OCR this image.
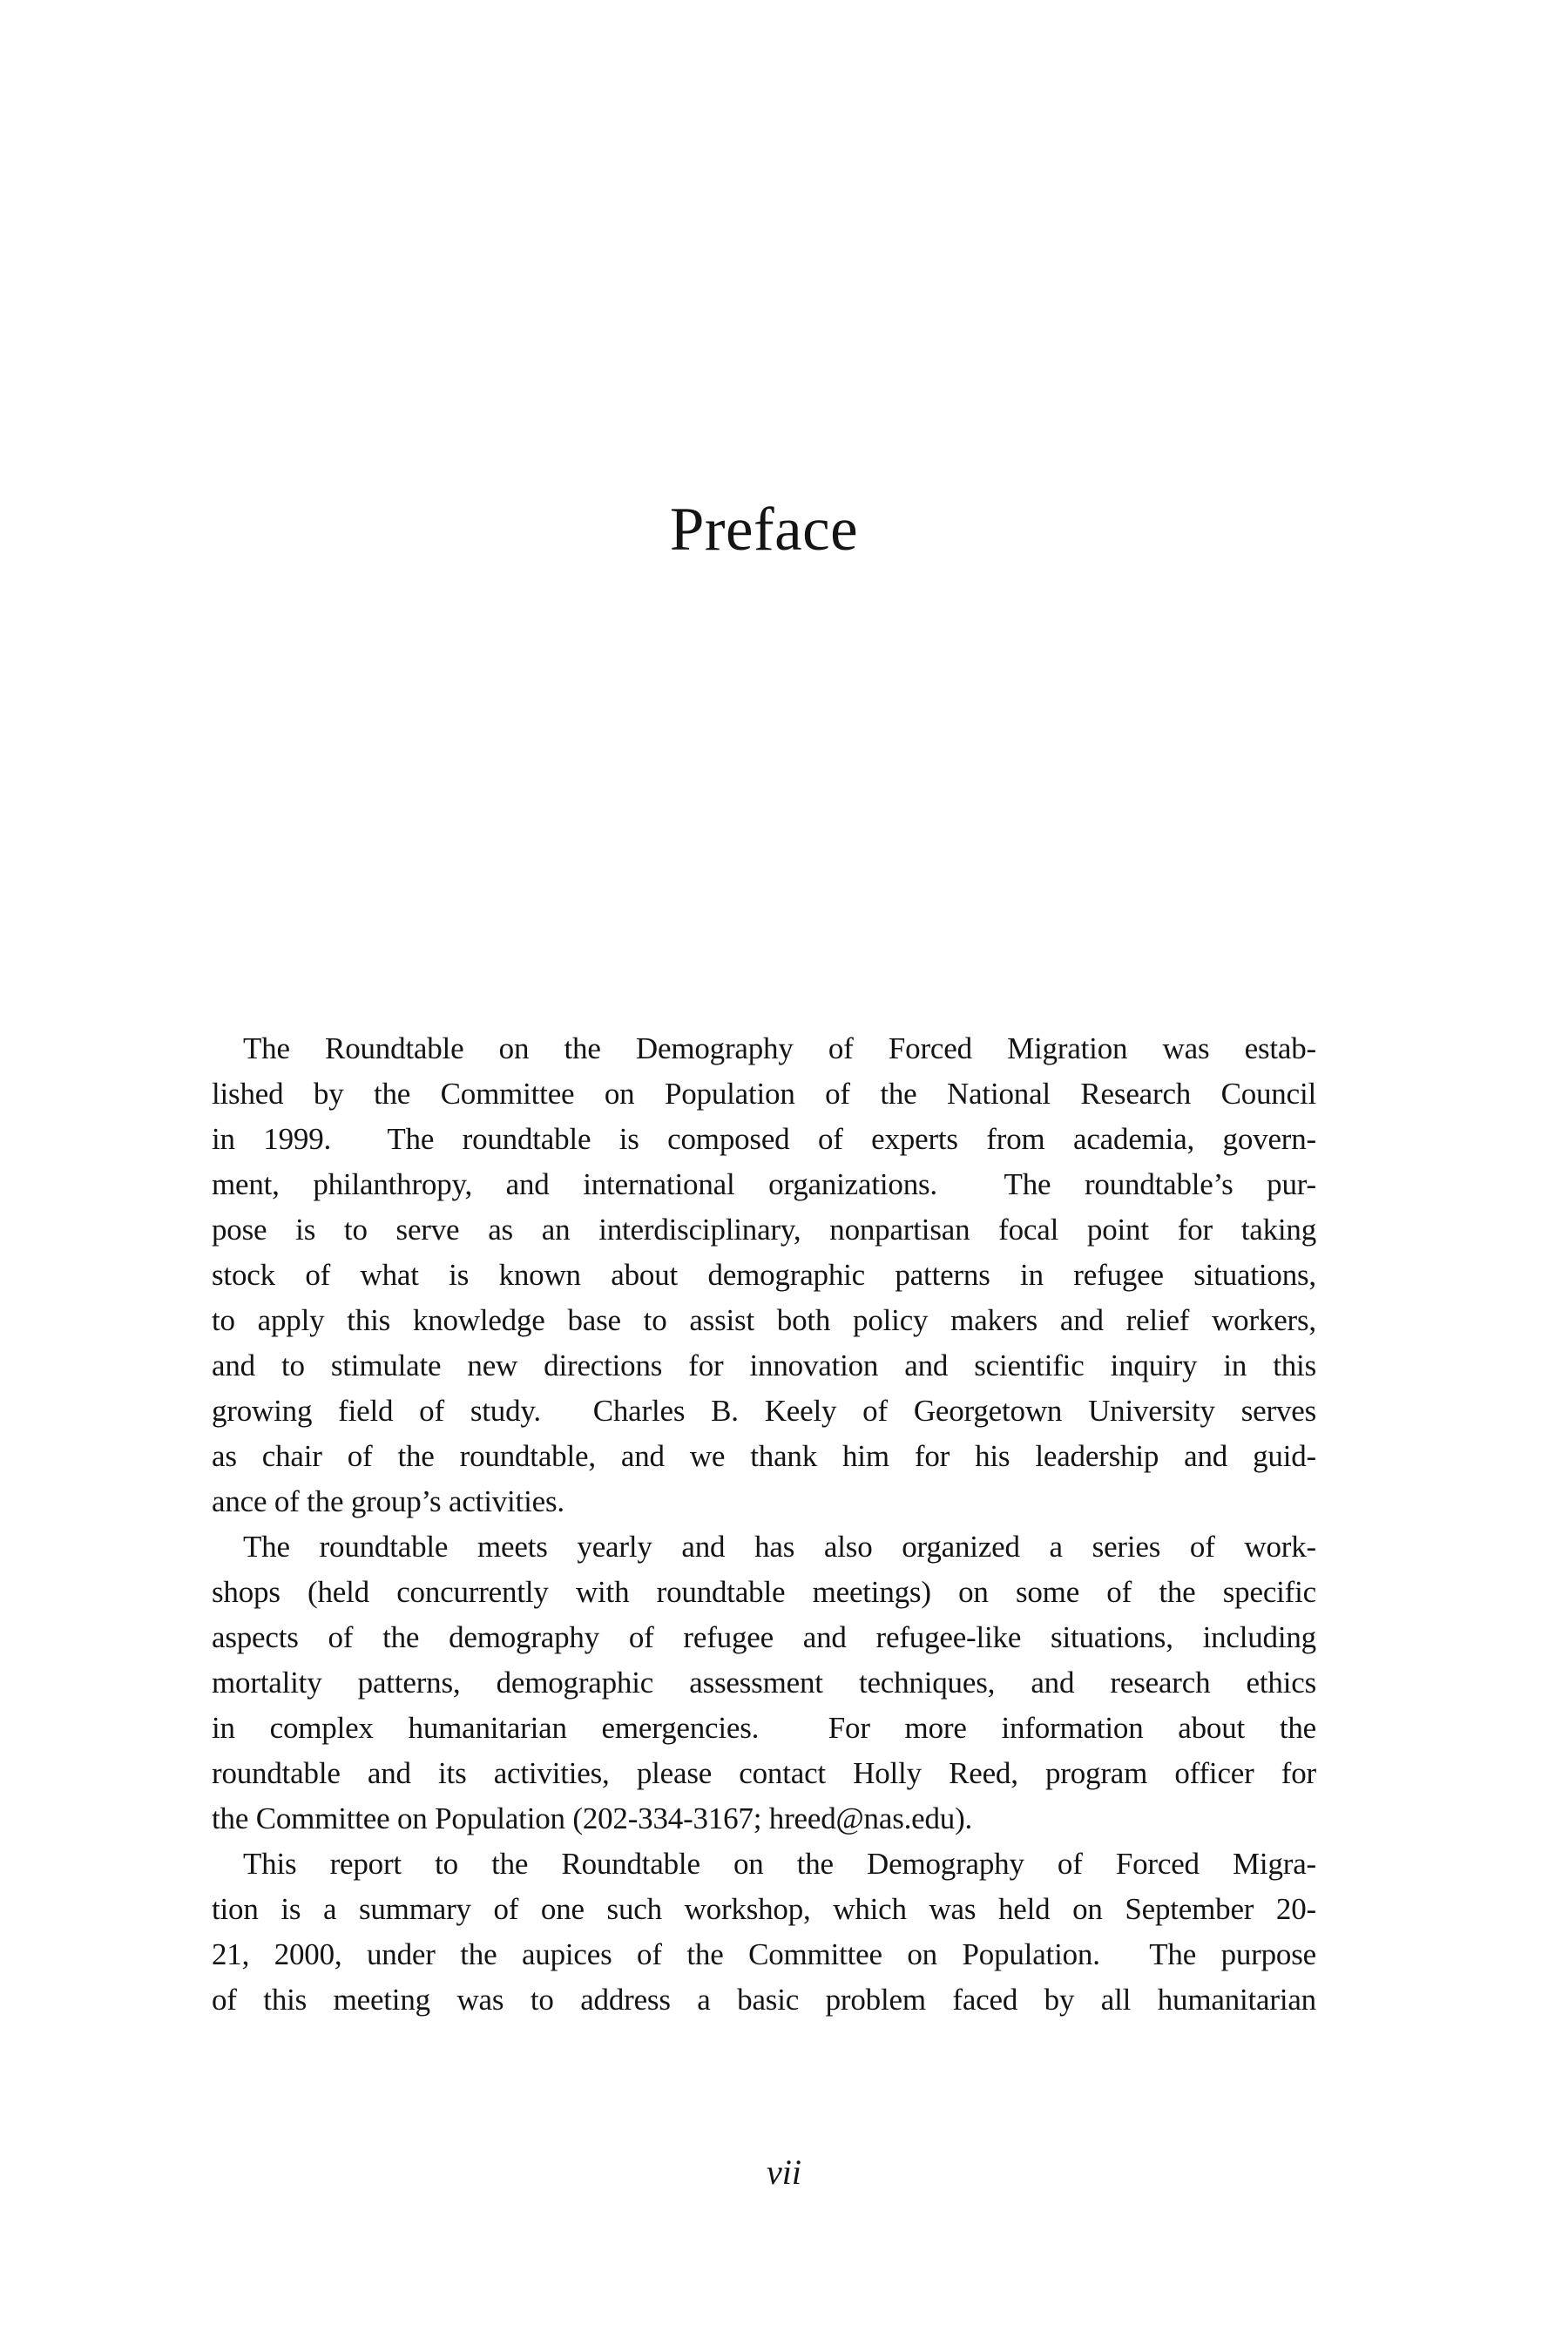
Preface
The Roundtable on the Demography of Forced Migration was estab-
lished by the Committee on Population of the National Research Council
in 1999.  The roundtable is composed of experts from academia, govern-
ment, philanthropy, and international organizations.  The roundtable’s pur-
pose is to serve as an interdisciplinary, nonpartisan focal point for taking
stock of what is known about demographic patterns in refugee situations,
to apply this knowledge base to assist both policy makers and relief workers,
and to stimulate new directions for innovation and scientific inquiry in this
growing field of study.  Charles B. Keely of Georgetown University serves
as chair of the roundtable, and we thank him for his leadership and guid-
ance of the group’s activities.
The roundtable meets yearly and has also organized a series of work-
shops (held concurrently with roundtable meetings) on some of the specific
aspects of the demography of refugee and refugee-like situations, including
mortality patterns, demographic assessment techniques, and research ethics
in complex humanitarian emergencies.  For more information about the
roundtable and its activities, please contact Holly Reed, program officer for
the Committee on Population (202-334-3167; hreed@nas.edu).
This report to the Roundtable on the Demography of Forced Migra-
tion is a summary of one such workshop, which was held on September 20-
21, 2000, under the aupices of the Committee on Population.  The purpose
of this meeting was to address a basic problem faced by all humanitarian
vii
